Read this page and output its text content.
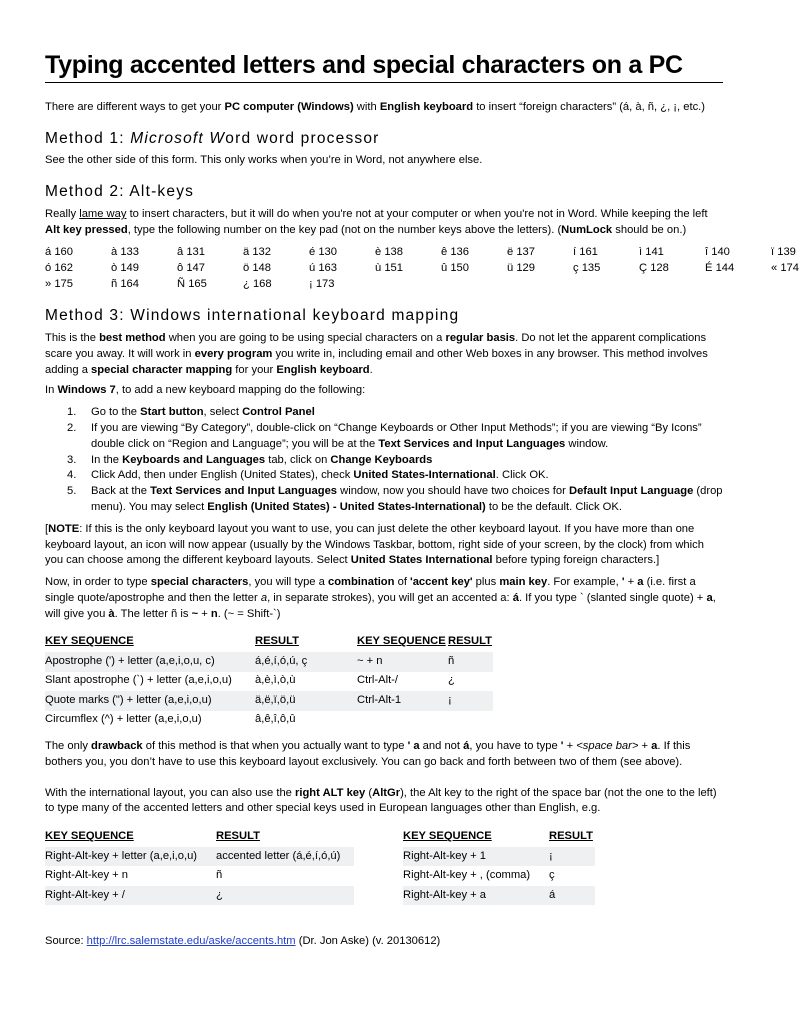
Typing accented letters and special characters on a PC

There are different ways to get your PC computer (Windows) with English keyboard to insert “foreign characters” (á, à, ñ, ¿, ¡, etc.)

Method 1: Microsoft Word word processor

See the other side of this form. This only works when you’re in Word, not anywhere else.

Method 2: Alt-keys

Really lame way to insert characters, but it will do when you're not at your computer or when you're not in Word. While keeping the left Alt key pressed, type the following number on the key pad (not on the number keys above the letters). (NumLock should be on.)

á 160	à 133	â 131	ä 132	é 130	è 138	ê 136	ë 137	í 161	ì 141	î 140	ï 139
ó 162	ò 149	ô 147	ö 148	ú 163	ù 151	û 150	ü 129	ç 135	Ç 128	É 144	« 174
» 175	ñ 164	Ñ 165	¿ 168	¡ 173
Method 3: Windows international keyboard mapping

This is the best method when you are going to be using special characters on a regular basis. Do not let the apparent complications scare you away. It will work in every program you write in, including email and other Web boxes in any browser. This method involves adding a special character mapping for your English keyboard.

In Windows 7, to add a new keyboard mapping do the following:

1. Go to the Start button, select Control Panel
2. If you are viewing “By Category”, double-click on “Change Keyboards or Other Input Methods”; if you are viewing “By Icons” double click on “Region and Language”; you will be at the Text Services and Input Languages window.
3. In the Keyboards and Languages tab, click on Change Keyboards
4. Click Add, then under English (United States), check United States-International. Click OK.
5. Back at the Text Services and Input Languages window, now you should have two choices for Default Input Language (drop menu). You may select English (United States) - United States-International) to be the default. Click OK.

[NOTE: If this is the only keyboard layout you want to use, you can just delete the other keyboard layout. If you have more than one keyboard layout, an icon will now appear (usually by the Windows Taskbar, bottom, right side of your screen, by the clock) from which you can choose among the different keyboard layouts. Select United States International before typing foreign characters.]

Now, in order to type special characters, you will type a combination of 'accent key' plus main key. For example, ' + a (i.e. first a single quote/apostrophe and then the letter a, in separate strokes), you will get an accented a: á. If you type ` (slanted single quote) + a, will give you à. The letter ñ is ~ + n. (~ = Shift-`)

KEY SEQUENCE	RESULT	KEY SEQUENCE	RESULT
Apostrophe (') + letter (a,e,i,o,u, c)	á,é,í,ó,ú, ç	~ + n	ñ
Slant apostrophe (`) + letter (a,e,i,o,u)	à,è,ì,ò,ù	Ctrl-Alt-/	¿
Quote marks (") + letter (a,e,i,o,u)	ä,ë,ï,ö,ü	Ctrl-Alt-1	¡
Circumflex (^) + letter (a,e,i,o,u)	â,ê,î,ô,û		

The only drawback of this method is that when you actually want to type ' a and not á, you have to type ' + <space bar> + a. If this bothers you, you don’t have to use this keyboard layout exclusively. You can go back and forth between two of them (see above).

With the international layout, you can also use the right ALT key (AltGr), the Alt key to the right of the space bar (not the one to the left) to type many of the accented letters and other special keys used in European languages other than English, e.g.

KEY SEQUENCE	RESULT		KEY SEQUENCE	RESULT
Right-Alt-key + letter (a,e,i,o,u)	accented letter (á,é,í,ó,ú)		Right-Alt-key + 1	¡
Right-Alt-key + n	ñ		Right-Alt-key + , (comma)	ç
Right-Alt-key + /	¿		Right-Alt-key + a	á

Source: http://lrc.salemstate.edu/aske/accents.htm (Dr. Jon Aske) (v. 20130612)
